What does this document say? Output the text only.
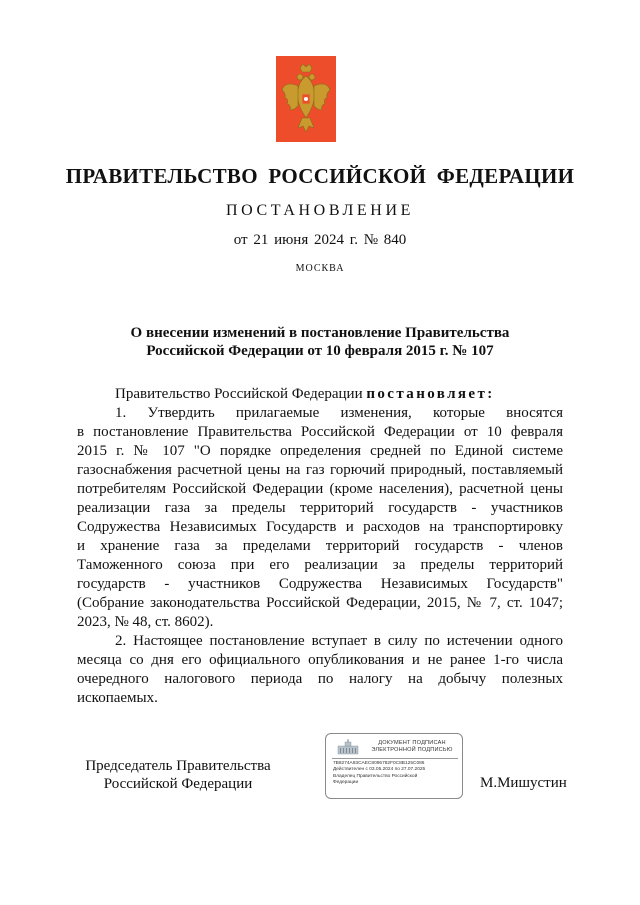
ПРАВИТЕЛЬСТВО РОССИЙСКОЙ ФЕДЕРАЦИИ
ПОСТАНОВЛЕНИЕ
от 21 июня 2024 г. № 840
МОСКВА
О внесении изменений в постановление Правительства
Российской Федерации от 10 февраля 2015 г. № 107
Правительство Российской Федерации постановляет:
1. Утвердить прилагаемые изменения, которые вносятся
в постановление Правительства Российской Федерации от 10 февраля
2015 г. № 107 "О порядке определения средней по Единой системе
газоснабжения расчетной цены на газ горючий природный, поставляемый
потребителям Российской Федерации (кроме населения), расчетной цены
реализации газа за пределы территорий государств - участников
Содружества Независимых Государств и расходов на транспортировку
и хранение газа за пределами территорий государств - членов
Таможенного союза при его реализации за пределы территорий
государств - участников Содружества Независимых Государств"
(Собрание законодательства Российской Федерации, 2015, № 7, ст. 1047;
2023, № 48, ст. 8602).
2. Настоящее постановление вступает в силу по истечении одного
месяца со дня его официального опубликования и не ранее 1-го числа
очередного налогового периода по налогу на добычу полезных
ископаемых.
Председатель Правительства
Российской Федерации
ДОКУМЕНТ ПОДПИСАН
ЭЛЕКТРОННОЙ ПОДПИСЬЮ
7B8274A93CAEC8096782F0C8B125C086
Действителен с 03.05.2024 по 27.07.2025
Владелец Правительство Российской
Федерации	М.Мишустин
